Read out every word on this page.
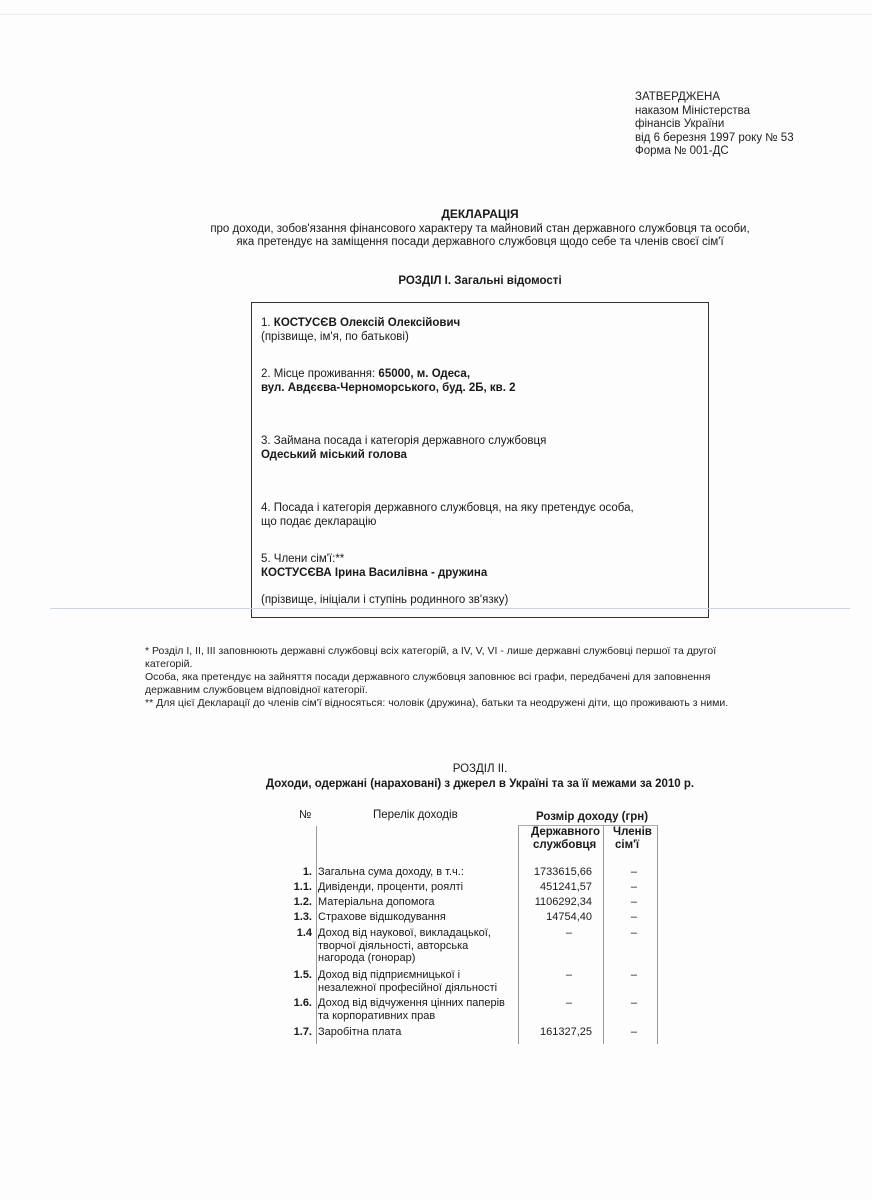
ЗАТВЕРДЖЕНА
наказом Міністерства
фінансів України
від 6 березня 1997 року № 53
Форма № 001-ДС
ДЕКЛАРАЦІЯ
про доходи, зобов'язання фінансового характеру та майновий стан державного службовця та особи,
яка претендує на заміщення посади державного службовця щодо себе та членів своєї сім'ї
РОЗДІЛ І. Загальні відомості
1. КОСТУСЄВ Олексій Олексійович
(прізвище, ім'я, по батькові)
2. Місце проживання: 65000, м. Одеса,
вул. Авдєєва-Черноморського, буд. 2Б, кв. 2
3. Займана посада і категорія державного службовця
Одеський міський голова
4. Посада і категорія державного службовця, на яку претендує особа,
що подає декларацію
5. Члени сім'ї:**
КОСТУСЄВА Ірина Василівна - дружина
(прізвище, ініціали і ступінь родинного зв'язку)
* Розділ І, ІІ, ІІІ заповнюють державні службовці всіх категорій, а IV, V, VI - лише державні службовці першої та другої
категорій.
Особа, яка претендує на зайняття посади державного службовця заповнює всі графи, передбачені для заповнення
державним службовцем відповідної категорії.
** Для цієї Декларації до членів сім'ї відносяться: чоловік (дружина), батьки та неодружені діти, що проживають з ними.
РОЗДІЛ ІІ.
Доходи, одержані (нараховані) з джерел в Україні та за її межами за 2010 р.
№	Перелік доходів	Розмір доходу (грн)
Державного
службовця
Членів
сім'ї
1. Загальна сума доходу, в т.ч.:	1733615,66	–
1.1. Дивіденди, проценти, роялті	451241,57	–
1.2. Матеріальна допомога	1106292,34	–
1.3. Страхове відшкодування	14754,40	–
1.4 Доход від наукової, викладацької,
творчої діяльності, авторська
нагорода (гонорар)
–	–
1.5. Доход від підприємницької і
незалежної професійної діяльності
–	–
1.6. Доход від відчуження цінних паперів
та корпоративних прав
–	–
1.7. Заробітна плата	161327,25	–
